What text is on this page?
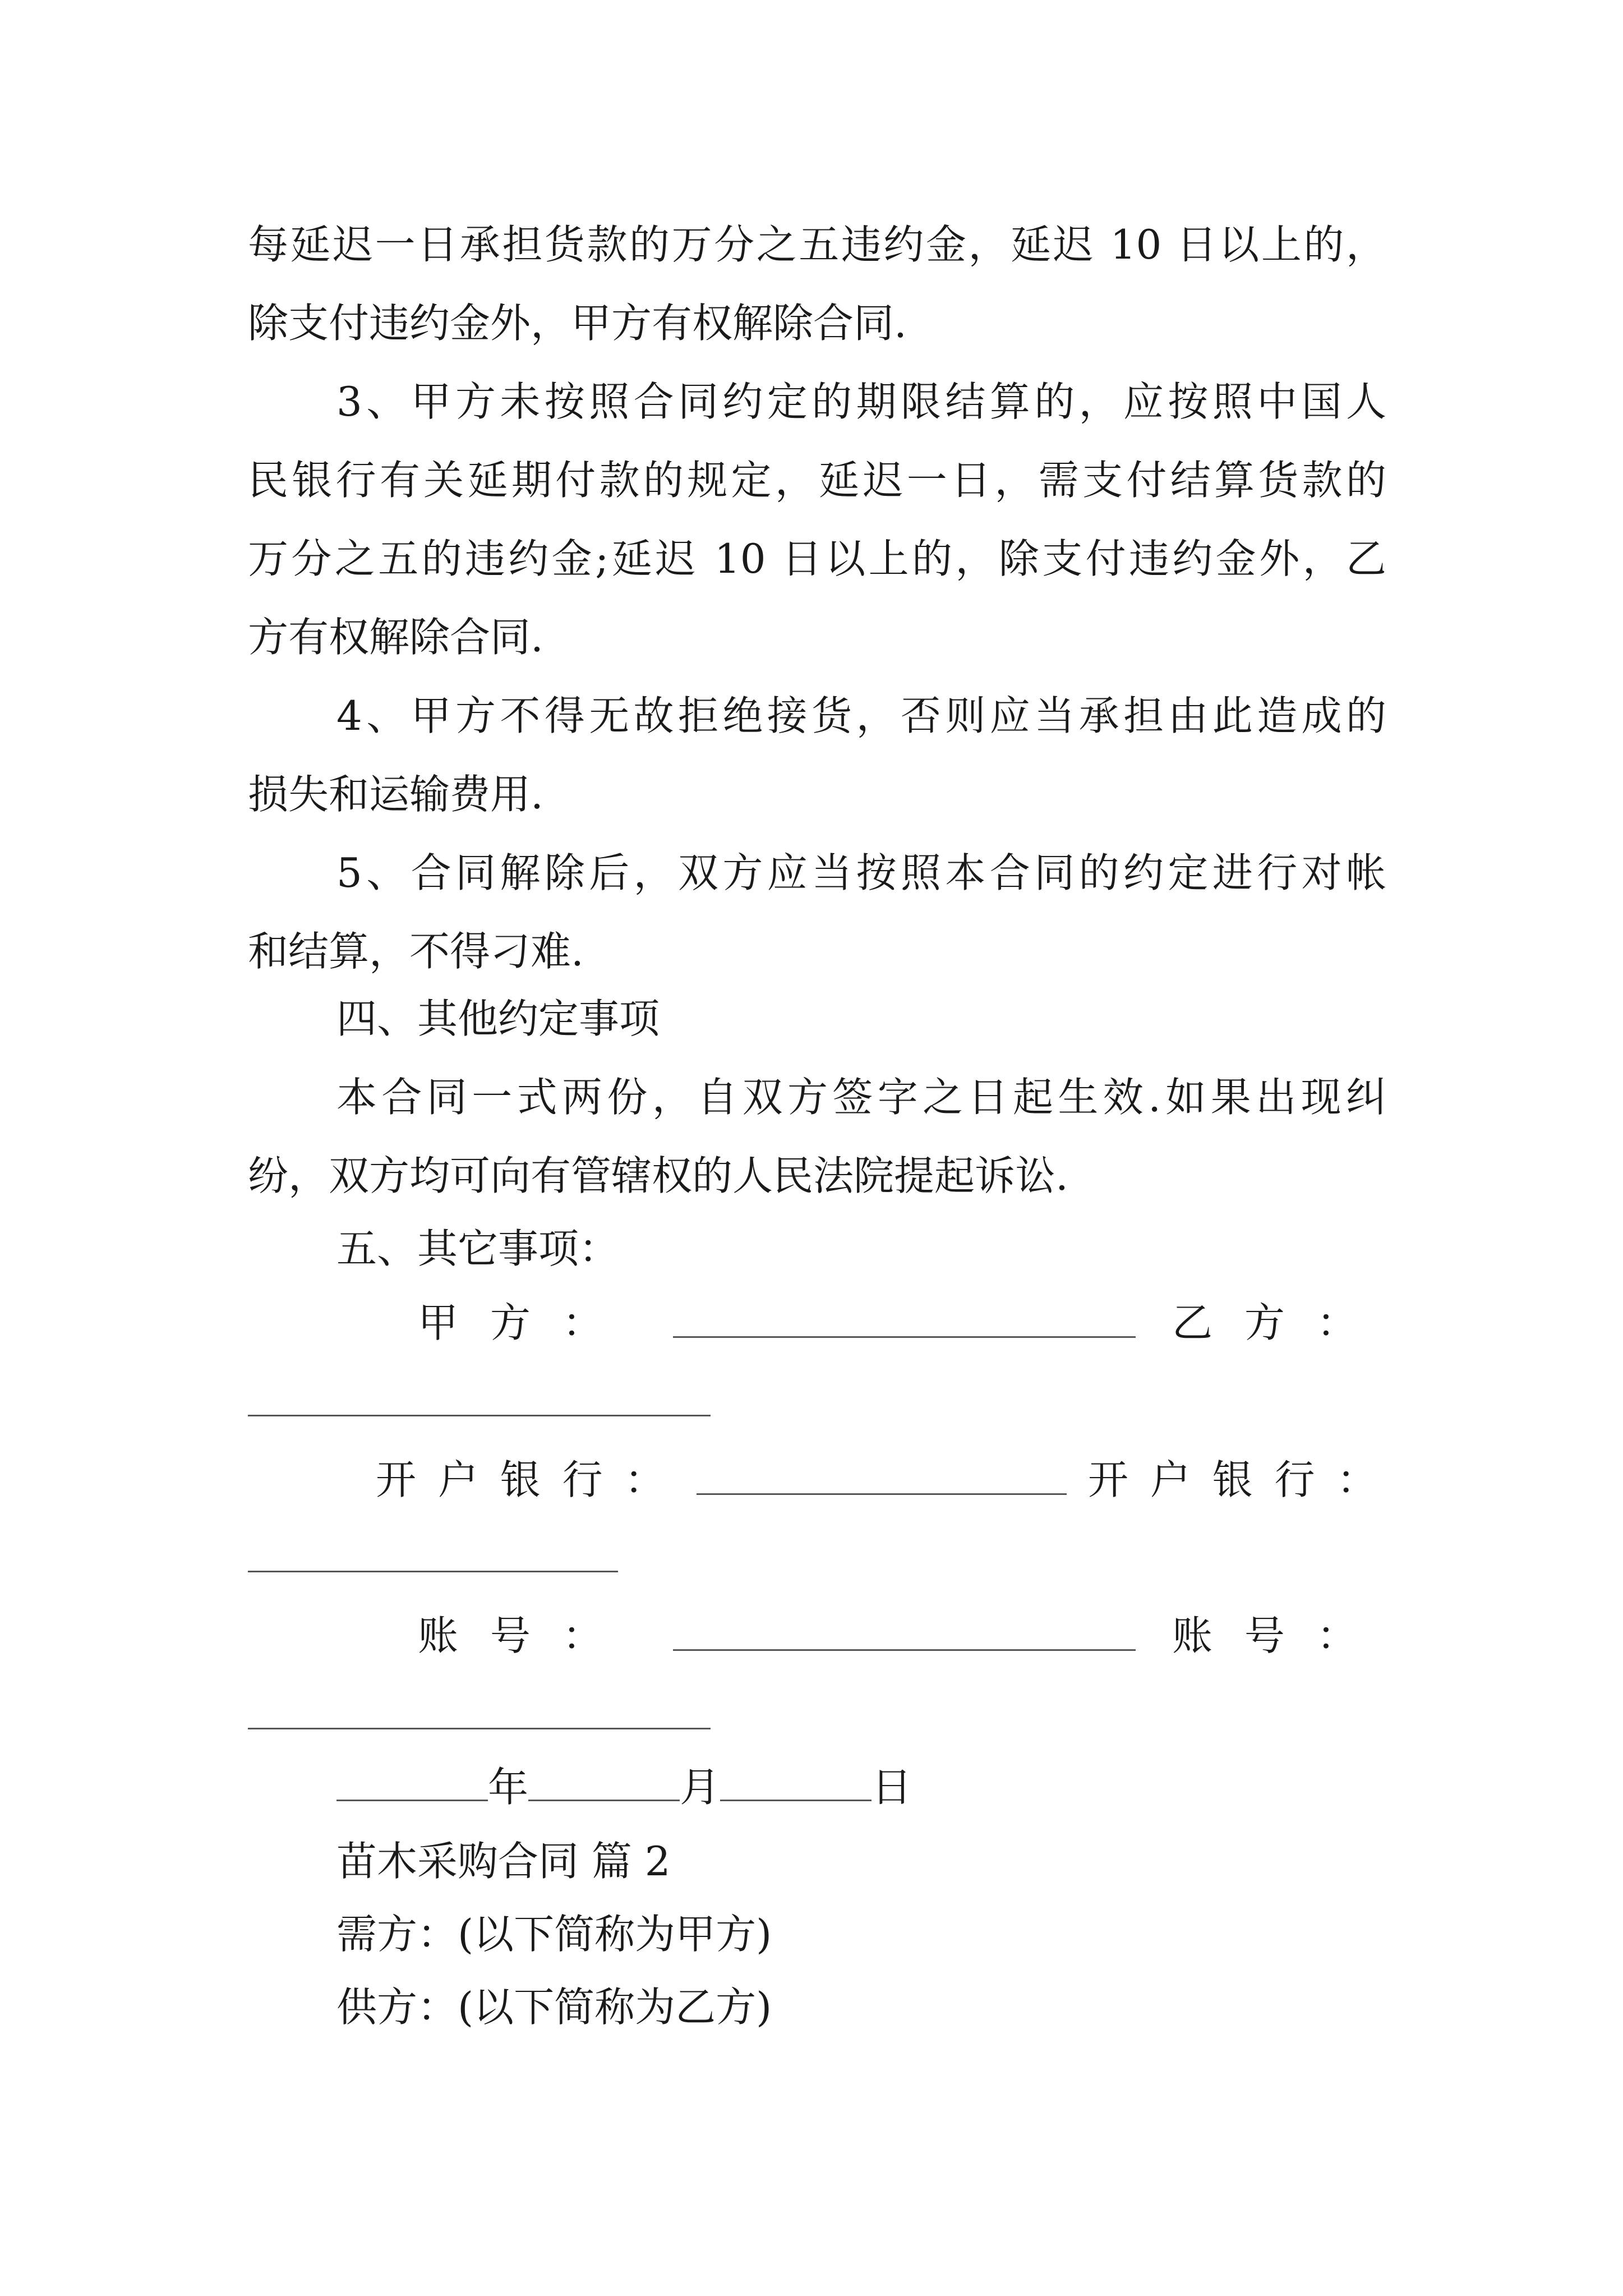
每延迟一日承担货款的万分之五违约金，延迟 10 日以上的，
除支付违约金外，甲方有权解除合同.
3、甲方未按照合同约定的期限结算的，应按照中国人
民银行有关延期付款的规定，延迟一日，需支付结算货款的
万分之五的违约金;延迟 10 日以上的，除支付违约金外，乙
方有权解除合同.
4、甲方不得无故拒绝接货，否则应当承担由此造成的
损失和运输费用.
5、合同解除后，双方应当按照本合同的约定进行对帐
和结算，不得刁难.
四、其他约定事项
本合同一式两份，自双方签字之日起生效.如果出现纠
纷，双方均可向有管辖权的人民法院提起诉讼.
五、其它事项：
甲 方 ：	乙 方 ：
开 户 银 行 ：	开 户 银 行 ：
账 号 ：	账 号 ：
年	月	日
苗木采购合同 篇 2
需方：(以下简称为甲方)
供方：(以下简称为乙方)
